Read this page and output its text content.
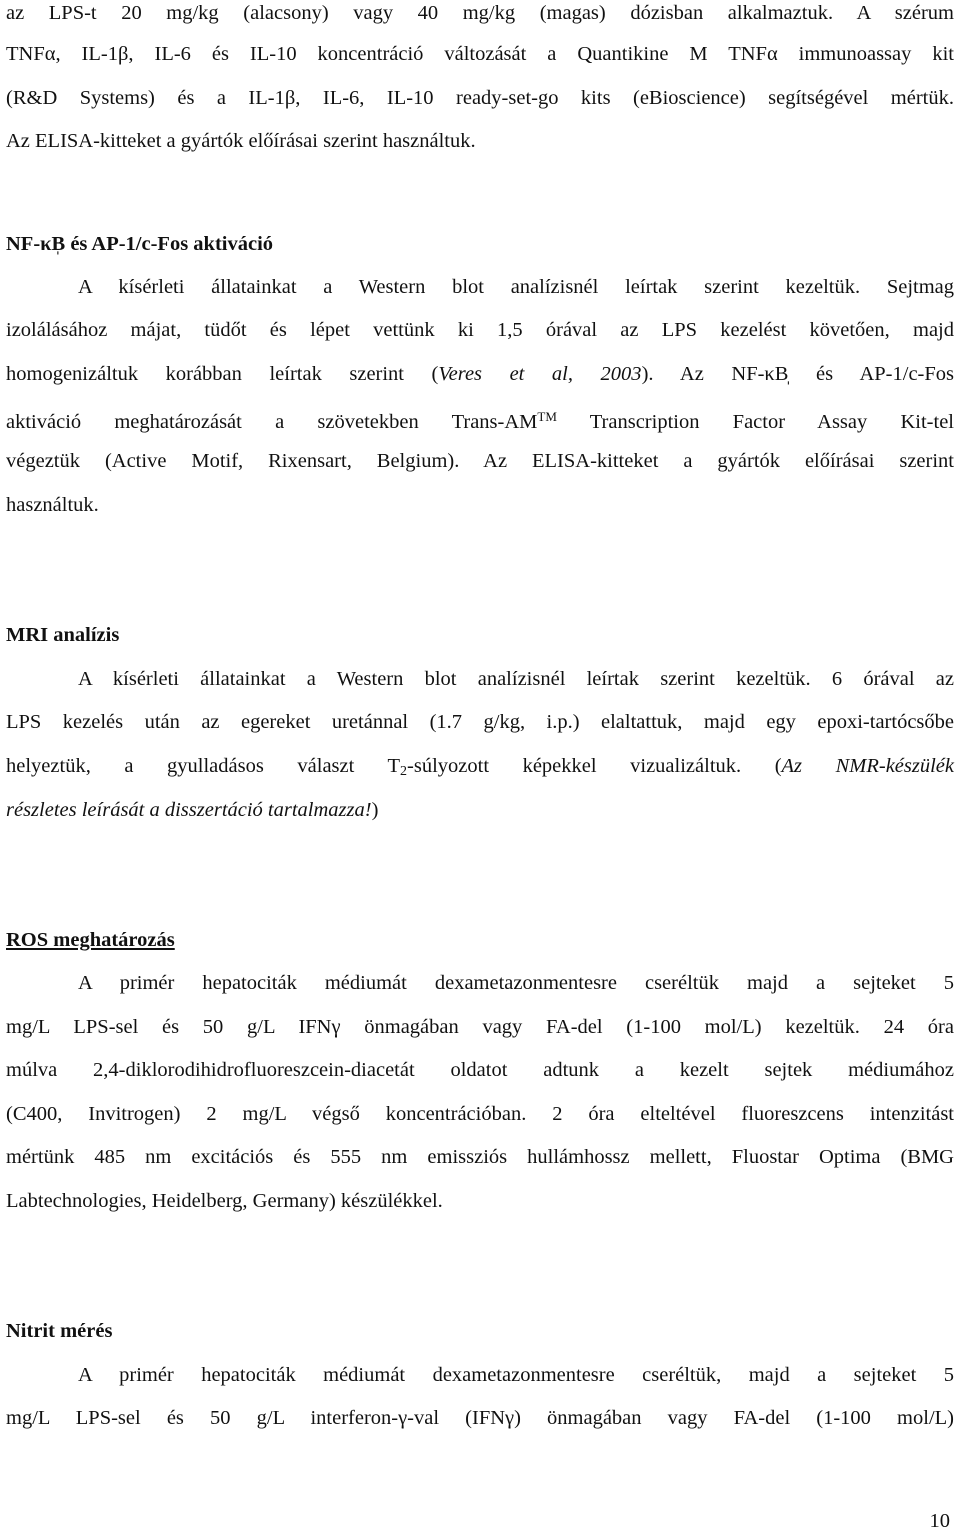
az LPS-t 20 mg/kg (alacsony) vagy 40 mg/kg (magas) dózisban alkalmaztuk. A szérum
TNFα, IL-1β, IL-6 és IL-10 koncentráció változását a Quantikine M TNFα immunoassay kit
(R&D Systems) és a IL-1β, IL-6, IL-10 ready-set-go kits (eBioscience) segítségével mértük.
Az ELISA-kitteket a gyártók előírásai szerint használtuk.
NF-κB̩ és AP-1/c-Fos aktiváció
A kísérleti állatainkat a Western blot analízisnél leírtak szerint kezeltük. Sejtmag
izolálásához májat, tüdőt és lépet vettünk ki 1,5 órával az LPS kezelést követően, majd
homogenizáltuk korábban leírtak szerint (Veres et al, 2003). Az NF-κB̩ és AP-1/c-Fos
aktiváció meghatározását a szövetekben Trans-AM™ Transcription Factor Assay Kit-tel
végeztük (Active Motif, Rixensart, Belgium). Az ELISA-kitteket a gyártók előírásai szerint
használtuk.
MRI analízis
A kísérleti állatainkat a Western blot analízisnél leírtak szerint kezeltük. 6 órával az
LPS kezelés után az egereket uretánnal (1.7 g/kg, i.p.) elaltattuk, majd egy epoxi-tartócsőbe
helyeztük, a gyulladásos választ $T_2$-súlyozott képekkel vizualizáltuk. (Az NMR-készülék
részletes leírását a disszertáció tartalmazza!)
ROS meghatározás
A primér hepatociták médiumát dexametazonmentesre cseréltük majd a sejteket 5
mg/L LPS-sel és 50 g/L IFNγ önmagában vagy FA-del (1-100 mol/L) kezeltük. 24 óra
múlva 2,4-diklorodihidrofluoreszcein-diacetát oldatot adtunk a kezelt sejtek médiumához
(C400, Invitrogen) 2 mg/L végső koncentrációban. 2 óra elteltével fluoreszcens intenzitást
mértünk 485 nm excitációs és 555 nm emissziós hullámhossz mellett, Fluostar Optima (BMG
Labtechnologies, Heidelberg, Germany) készülékkel.
Nitrit mérés
A primér hepatociták médiumát dexametazonmentesre cseréltük, majd a sejteket 5
mg/L LPS-sel és 50 g/L interferon-γ-val (IFNγ) önmagában vagy FA-del (1-100 mol/L)
10
